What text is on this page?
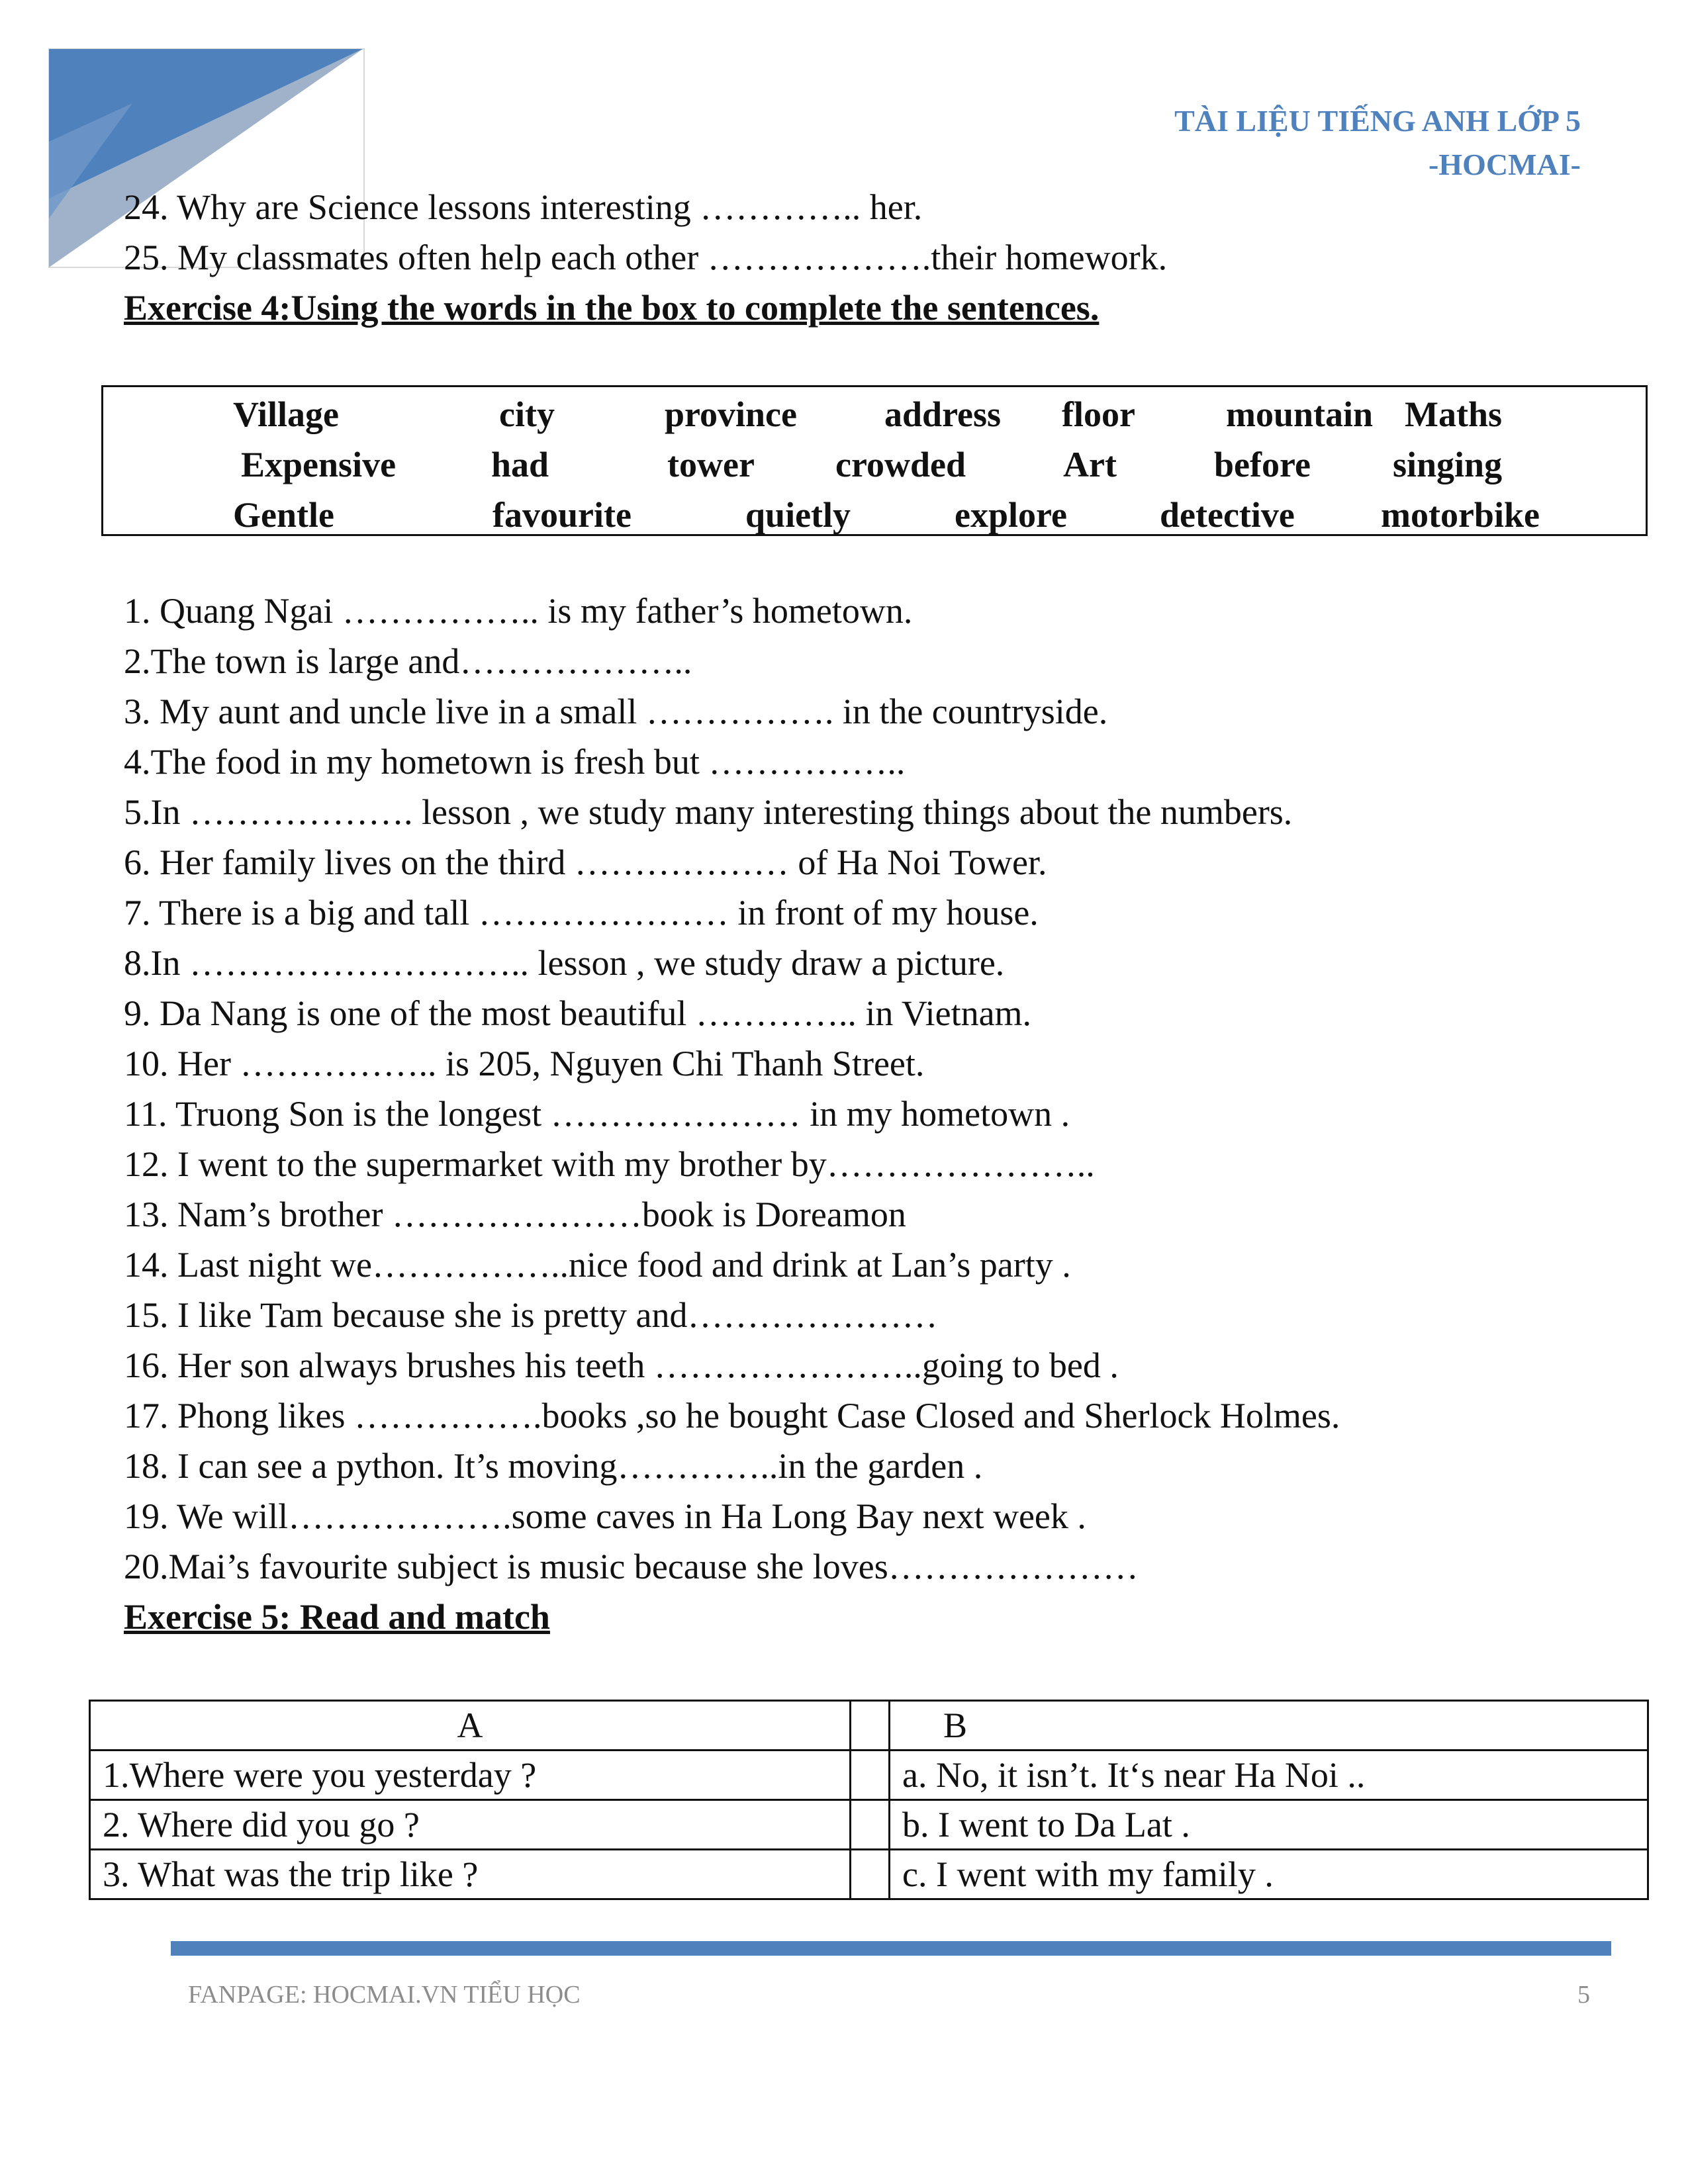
TÀI LIỆU TIẾNG ANH LỚP 5
-HOCMAI-
24. Why are Science lessons interesting ………….. her.
25. My classmates often help each other ……………….their homework.
Exercise 4:Using the words in the box to complete the sentences.
Village	city	province address floor	mountain Maths
Expensive	had	tower crowded	Art	before singing
Gentle	favourite	quietly	explore	detective motorbike
1. Quang Ngai …………….. is my father’s hometown.
2.The town is large and………………..
3. My aunt and uncle live in a small ……………. in the countryside.
4.The food in my hometown is fresh but ……………..
5.In ………………. lesson , we study many interesting things about the numbers.
6. Her family lives on the third ……………… of Ha Noi Tower.
7. There is a big and tall ………………… in front of my house.
8.In ……………………….. lesson , we study draw a picture.
9. Da Nang is one of the most beautiful ………….. in Vietnam.
10. Her …………….. is 205, Nguyen Chi Thanh Street.
11. Truong Son is the longest ………………… in my hometown .
12. I went to the supermarket with my brother by…………………..
13. Nam’s brother …………………book is Doreamon
14. Last night we……………..nice food and drink at Lan’s party .
15. I like Tam because she is pretty and…………………
16. Her son always brushes his teeth …………………..going to bed .
17. Phong likes …………….books ,so he bought Case Closed and Sherlock Holmes.
18. I can see a python. It’s moving…………..in the garden .
19. We will……………….some caves in Ha Long Bay next week .
20.Mai’s favourite subject is music because she loves…………………
Exercise 5: Read and match
A		B
1.Where were you yesterday ?		a. No, it isn’t. It‘s near Ha Noi ..
2. Where did you go ?		b. I went to Da Lat .
3. What was the trip like ?		c. I went with my family .
FANPAGE: HOCMAI.VN TIỂU HỌC	5
